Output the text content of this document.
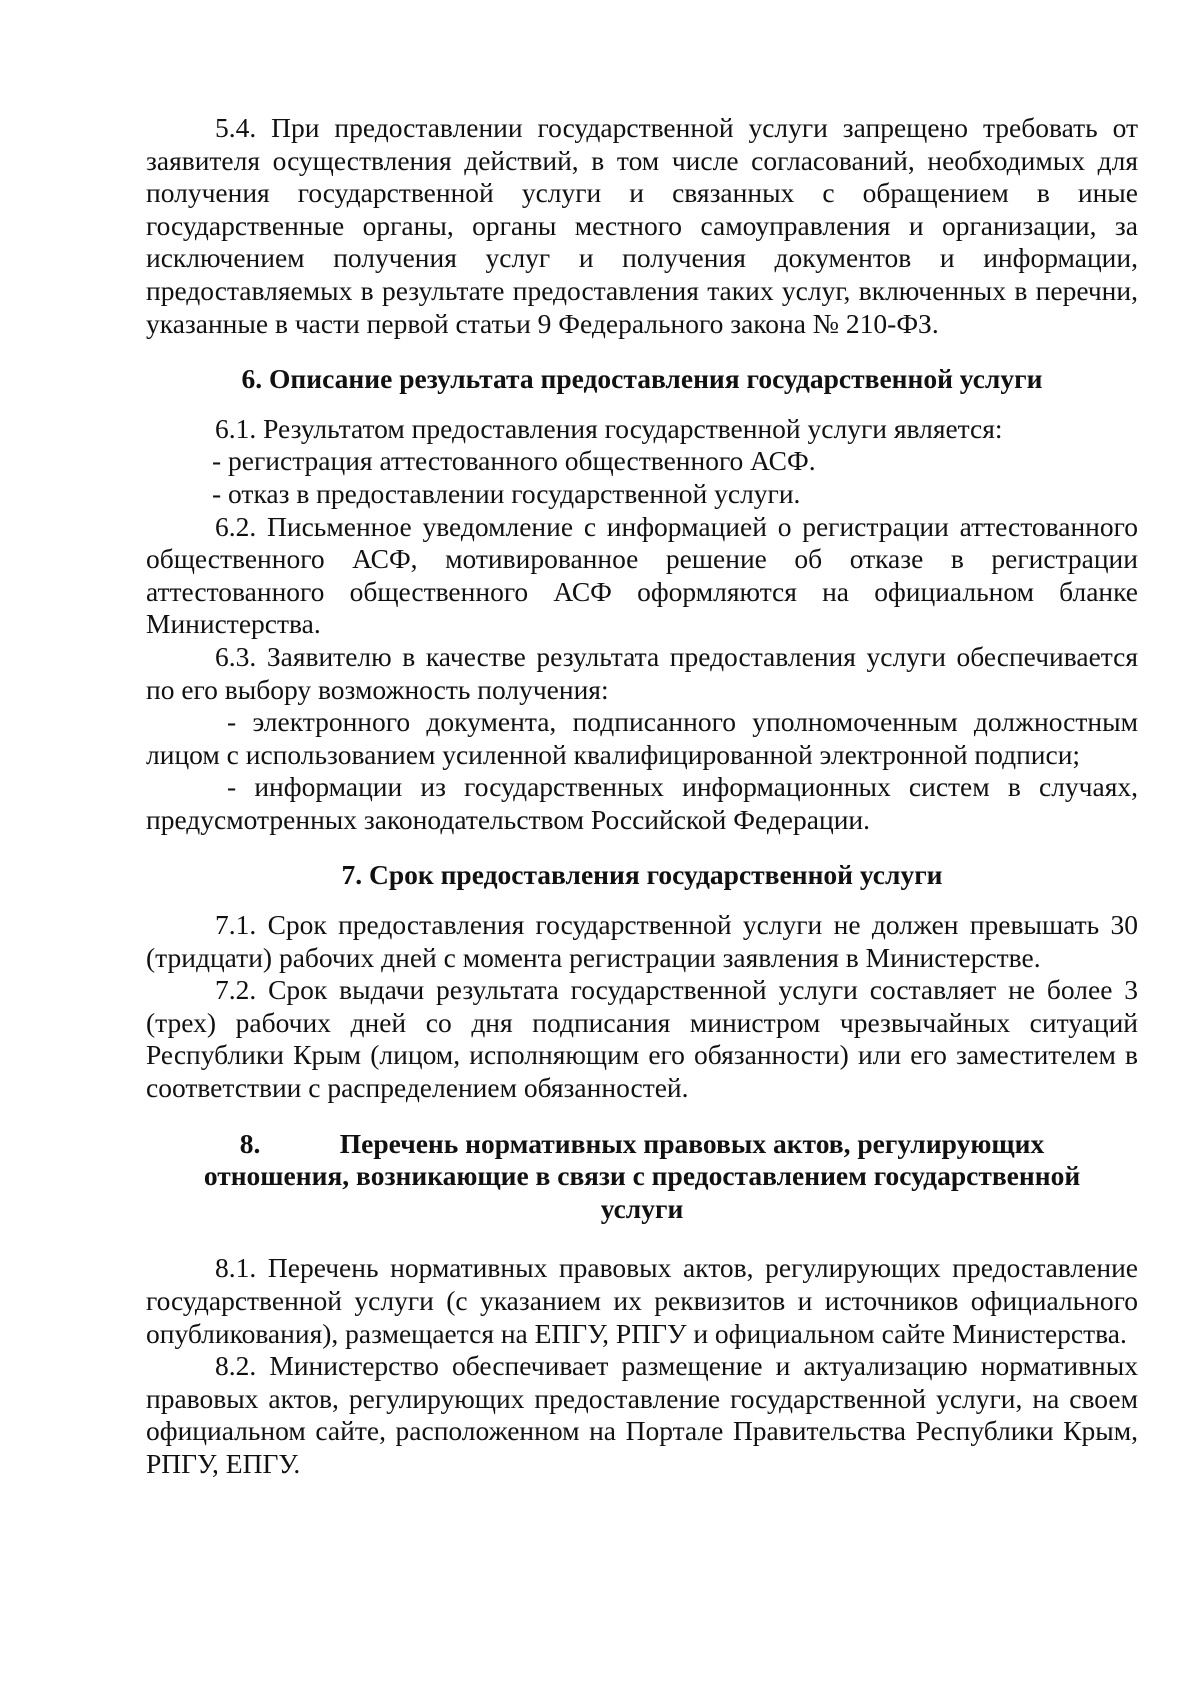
5.4. При предоставлении государственной услуги запрещено требовать от заявителя осуществления действий, в том числе согласований, необходимых для получения государственной услуги и связанных с обращением в иные государственные органы, органы местного самоуправления и организации, за исключением получения услуг и получения документов и информации, предоставляемых в результате предоставления таких услуг, включенных в перечни, указанные в части первой статьи 9 Федерального закона № 210-ФЗ.

6. Описание результата предоставления государственной услуги

6.1. Результатом предоставления государственной услуги является:

- регистрация аттестованного общественного АСФ.

- отказ в предоставлении государственной услуги.

6.2. Письменное уведомление с информацией о регистрации аттестованного общественного АСФ, мотивированное решение об отказе в регистрации аттестованного общественного АСФ оформляются на официальном бланке Министерства.

6.3. Заявителю в качестве результата предоставления услуги обеспечивается по его выбору возможность получения:

- электронного документа, подписанного уполномоченным должностным лицом с использованием усиленной квалифицированной электронной подписи;

- информации из государственных информационных систем в случаях, предусмотренных законодательством Российской Федерации.

7. Срок предоставления государственной услуги

7.1. Срок предоставления государственной услуги не должен превышать 30 (тридцати) рабочих дней с момента регистрации заявления в Министерстве.

7.2. Срок выдачи результата государственной услуги составляет не более 3 (трех) рабочих дней со дня подписания министром чрезвычайных ситуаций Республики Крым (лицом, исполняющим его обязанности) или его заместителем в соответствии с распределением обязанностей.

8.	Перечень нормативных правовых актов, регулирующих
отношения, возникающие в связи с предоставлением государственной
услуги

8.1. Перечень нормативных правовых актов, регулирующих предоставление государственной услуги (с указанием их реквизитов и источников официального опубликования), размещается на ЕПГУ, РПГУ и официальном сайте Министерства.

8.2. Министерство обеспечивает размещение и актуализацию нормативных правовых актов, регулирующих предоставление государственной услуги, на своем официальном сайте, расположенном на Портале Правительства Республики Крым, РПГУ, ЕПГУ.
